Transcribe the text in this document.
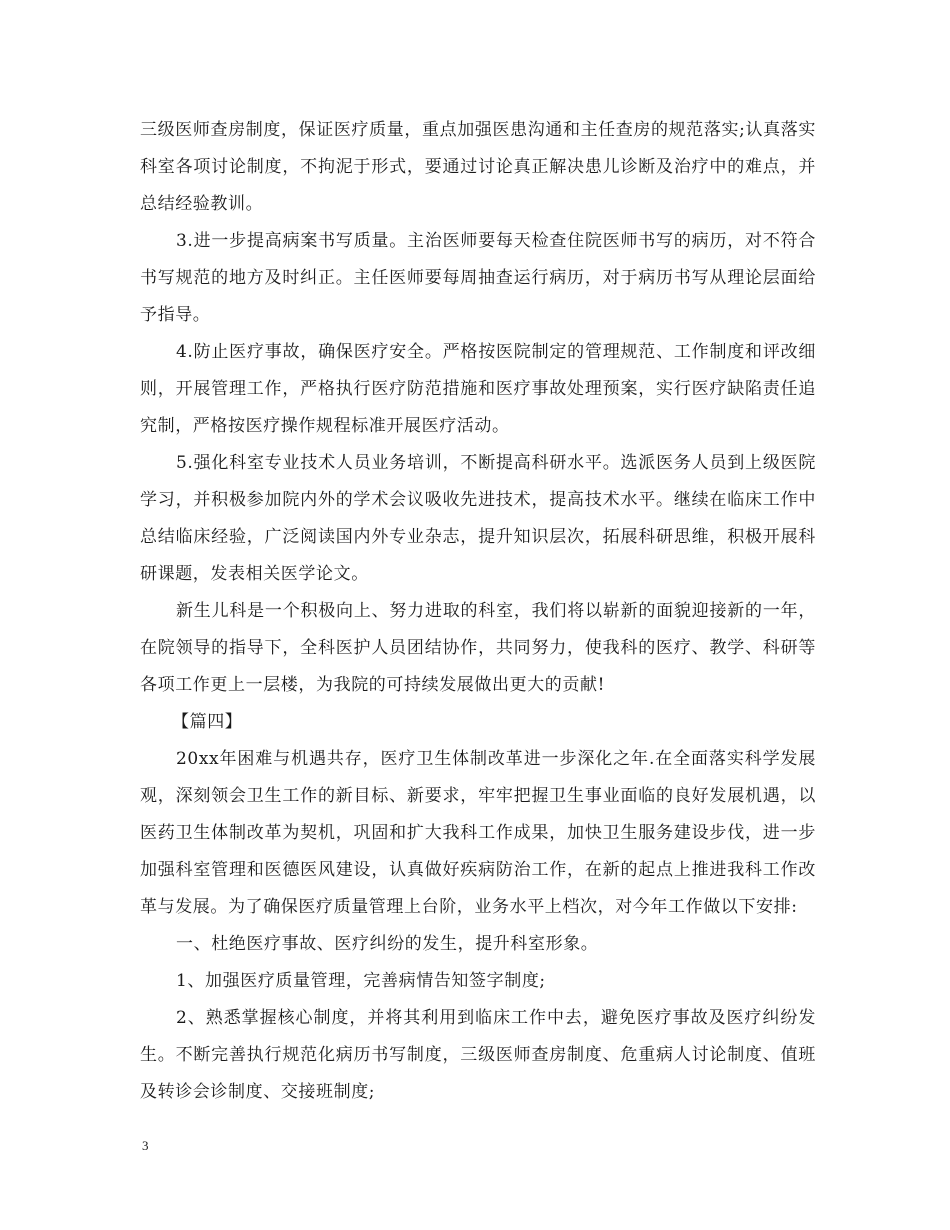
三级医师查房制度，保证医疗质量，重点加强医患沟通和主任查房的规范落实;认真落实科室各项讨论制度，不拘泥于形式，要通过讨论真正解决患儿诊断及治疗中的难点，并总结经验教训。

3.进一步提高病案书写质量。主治医师要每天检查住院医师书写的病历，对不符合书写规范的地方及时纠正。主任医师要每周抽查运行病历，对于病历书写从理论层面给予指导。

4.防止医疗事故，确保医疗安全。严格按医院制定的管理规范、工作制度和评改细则，开展管理工作，严格执行医疗防范措施和医疗事故处理预案，实行医疗缺陷责任追究制，严格按医疗操作规程标准开展医疗活动。

5.强化科室专业技术人员业务培训，不断提高科研水平。选派医务人员到上级医院学习，并积极参加院内外的学术会议吸收先进技术，提高技术水平。继续在临床工作中总结临床经验，广泛阅读国内外专业杂志，提升知识层次，拓展科研思维，积极开展科研课题，发表相关医学论文。

新生儿科是一个积极向上、努力进取的科室，我们将以崭新的面貌迎接新的一年，在院领导的指导下，全科医护人员团结协作，共同努力，使我科的医疗、教学、科研等各项工作更上一层楼，为我院的可持续发展做出更大的贡献!

【篇四】

20xx年困难与机遇共存，医疗卫生体制改革进一步深化之年.在全面落实科学发展观，深刻领会卫生工作的新目标、新要求，牢牢把握卫生事业面临的良好发展机遇，以医药卫生体制改革为契机，巩固和扩大我科工作成果，加快卫生服务建设步伐，进一步加强科室管理和医德医风建设，认真做好疾病防治工作，在新的起点上推进我科工作改革与发展。为了确保医疗质量管理上台阶，业务水平上档次，对今年工作做以下安排:

一、杜绝医疗事故、医疗纠纷的发生，提升科室形象。

1、加强医疗质量管理，完善病情告知签字制度;

2、熟悉掌握核心制度，并将其利用到临床工作中去，避免医疗事故及医疗纠纷发生。不断完善执行规范化病历书写制度，三级医师查房制度、危重病人讨论制度、值班及转诊会诊制度、交接班制度;

3
